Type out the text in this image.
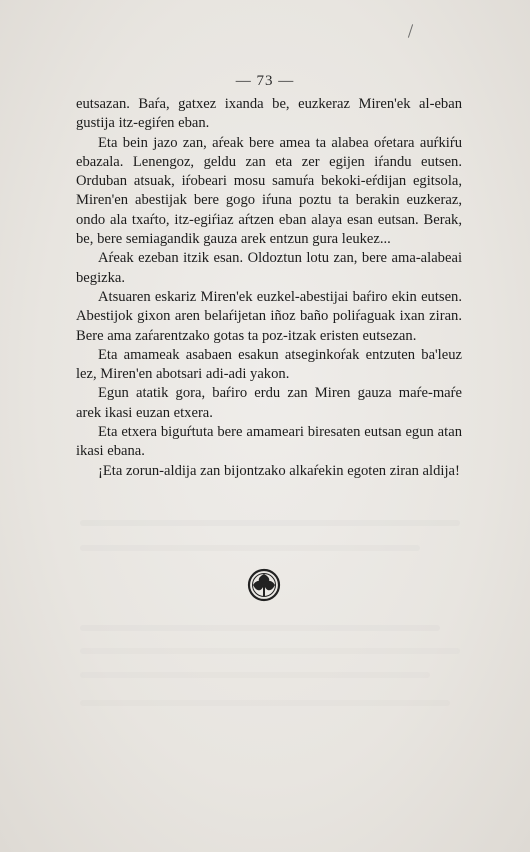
— 73 —

eutsazan. Baŕa, gatxez ixanda be, euzkeraz Miren'ek al-eban gustija itz-egiŕen eban.

Eta bein jazo zan, aŕeak bere amea ta alabea oŕetara auŕkiŕu ebazala. Lenengoz, geldu zan eta zer egijen iŕandu eutsen. Orduban atsuak, iŕobeari mosu samuŕa bekoki-eŕdijan egitsola, Miren'en abestijak bere gogo iŕuna poztu ta berakin euzkeraz, ondo ala txaŕto, itz-egiŕiaz aŕtzen eban alaya esan eutsan. Berak, be, bere semiagandik gauza arek entzun gura leukez...

Aŕeak ezeban itzik esan. Oldoztun lotu zan, bere ama-alabeai begizka.

Atsuaren eskariz Miren'ek euzkel-abestijai baŕiro ekin eutsen. Abestijok gixon aren belaŕijetan iñoz baño poliŕaguak ixan ziran. Bere ama zaŕarentzako gotas ta poz-itzak eristen eutsezan.

Eta amameak asabaen esakun atseginkoŕak entzuten ba'leuz lez, Miren'en abotsari adi-adi yakon.

Egun atatik gora, baŕiro erdu zan Miren gauza maŕe-maŕe arek ikasi euzan etxera.

Eta etxera biguŕtuta bere amameari biresaten eutsan egun atan ikasi ebana.

¡Eta zorun-aldija zan bijontzako alkaŕekin egoten ziran aldija!
